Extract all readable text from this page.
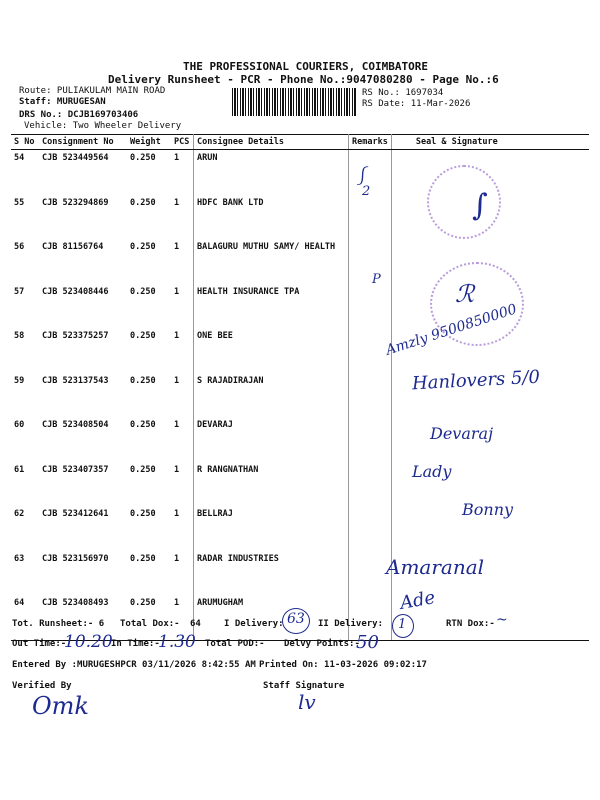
THE PROFESSIONAL COURIERS, COIMBATORE
Delivery Runsheet - PCR - Phone No.:9047080280 - Page No.:6
Route: PULIAKULAM MAIN ROAD
Staff: MURUGESAN
DRS No.: DCJB169703406
Vehicle: Two Wheeler Delivery
RS No.: 1697034
RS Date: 11-Mar-2026
S No	Consignment No	Weight	PCS	Consignee Details	Remarks	Seal & Signature
54	CJB 523449564	0.250	1	ARUN		
55	CJB 523294869	0.250	1	HDFC BANK LTD		
56	CJB 81156764	0.250	1	BALAGURU MUTHU SAMY/ HEALTH		
57	CJB 523408446	0.250	1	HEALTH INSURANCE TPA		
58	CJB 523375257	0.250	1	ONE BEE		
59	CJB 523137543	0.250	1	S RAJADIRAJAN		
60	CJB 523408504	0.250	1	DEVARAJ		
61	CJB 523407357	0.250	1	R RANGNATHAN		
62	CJB 523412641	0.250	1	BELLRAJ		
63	CJB 523156970	0.250	1	RADAR INDUSTRIES		
64	CJB 523408493	0.250	1	ARUMUGHAM		
∫
ℛ
⎰
2
P
Amzly 9500850000
Hanlovers 5/0
Devaraj
Lady
Bonny
Amaranal
Ade
Tot. Runsheet:- 6 Total Dox:- 64	I Delivery: 63 II Delivery: 1	RTN Dox:- ~
Out Time:-
10.20
In Time:-
1.30 Total POD:- Delvy Points:-
50
Entered By :MURUGESHPCR 03/11/2026 8:42:55 AM Printed On: 11-03-2026 09:02:17
Verified By
Omk
Staff Signature
lv
